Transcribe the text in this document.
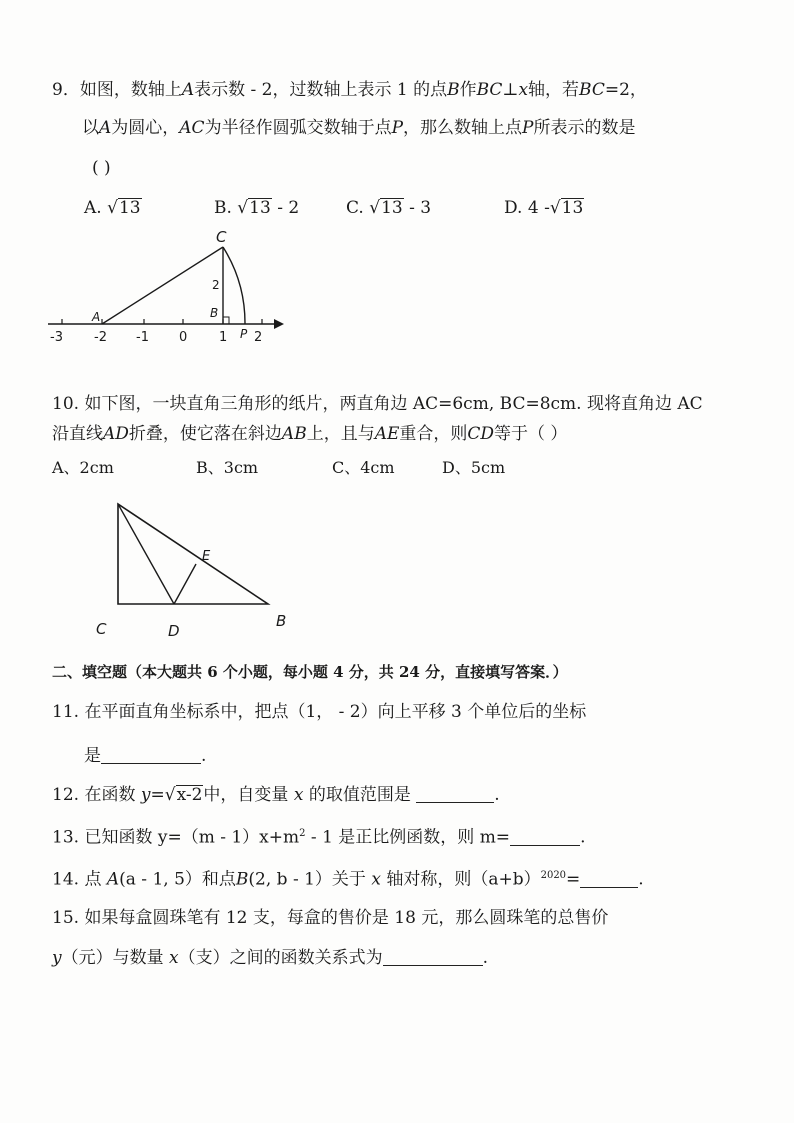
9．如图，数轴上A表示数 - 2，过数轴上表示 1 的点B作BC⊥x轴，若BC=2，
以A为圆心，AC为半径作圆弧交数轴于点P，那么数轴上点P所表示的数是
( )
A. √13	B. √13 - 2	C. √13 - 3	D. 4 -√13
C
A	B
P
2
-3 -2 -1 0 1 2
10. 如下图，一块直角三角形的纸片，两直角边 AC=6cm, BC=8cm. 现将直角边 AC
沿直线AD折叠，使它落在斜边AB上，且与AE重合，则CD等于（ ）
A、2cm	B、3cm	C、4cm	D、5cm
C	D
B
E
二、填空题（本大题共 6 个小题，每小题 4 分，共 24 分，直接填写答案．）
11. 在平面直角坐标系中，把点（1， - 2）向上平移 3 个单位后的坐标
是	.
12. 在函数 y=√x-2中，自变量 x 的取值范围是	.
13. 已知函数 $y=(m - 1)x+m^2 - 1$ 是正比例函数，则 m=	.
14. 点 A(a - 1, 5）和点B(2, b - 1）关于 x 轴对称，则$(a+b)^{2020}=$	.
15. 如果每盒圆珠笔有 12 支，每盒的售价是 18 元，那么圆珠笔的总售价
y（元）与数量 x（支）之间的函数关系式为	.
